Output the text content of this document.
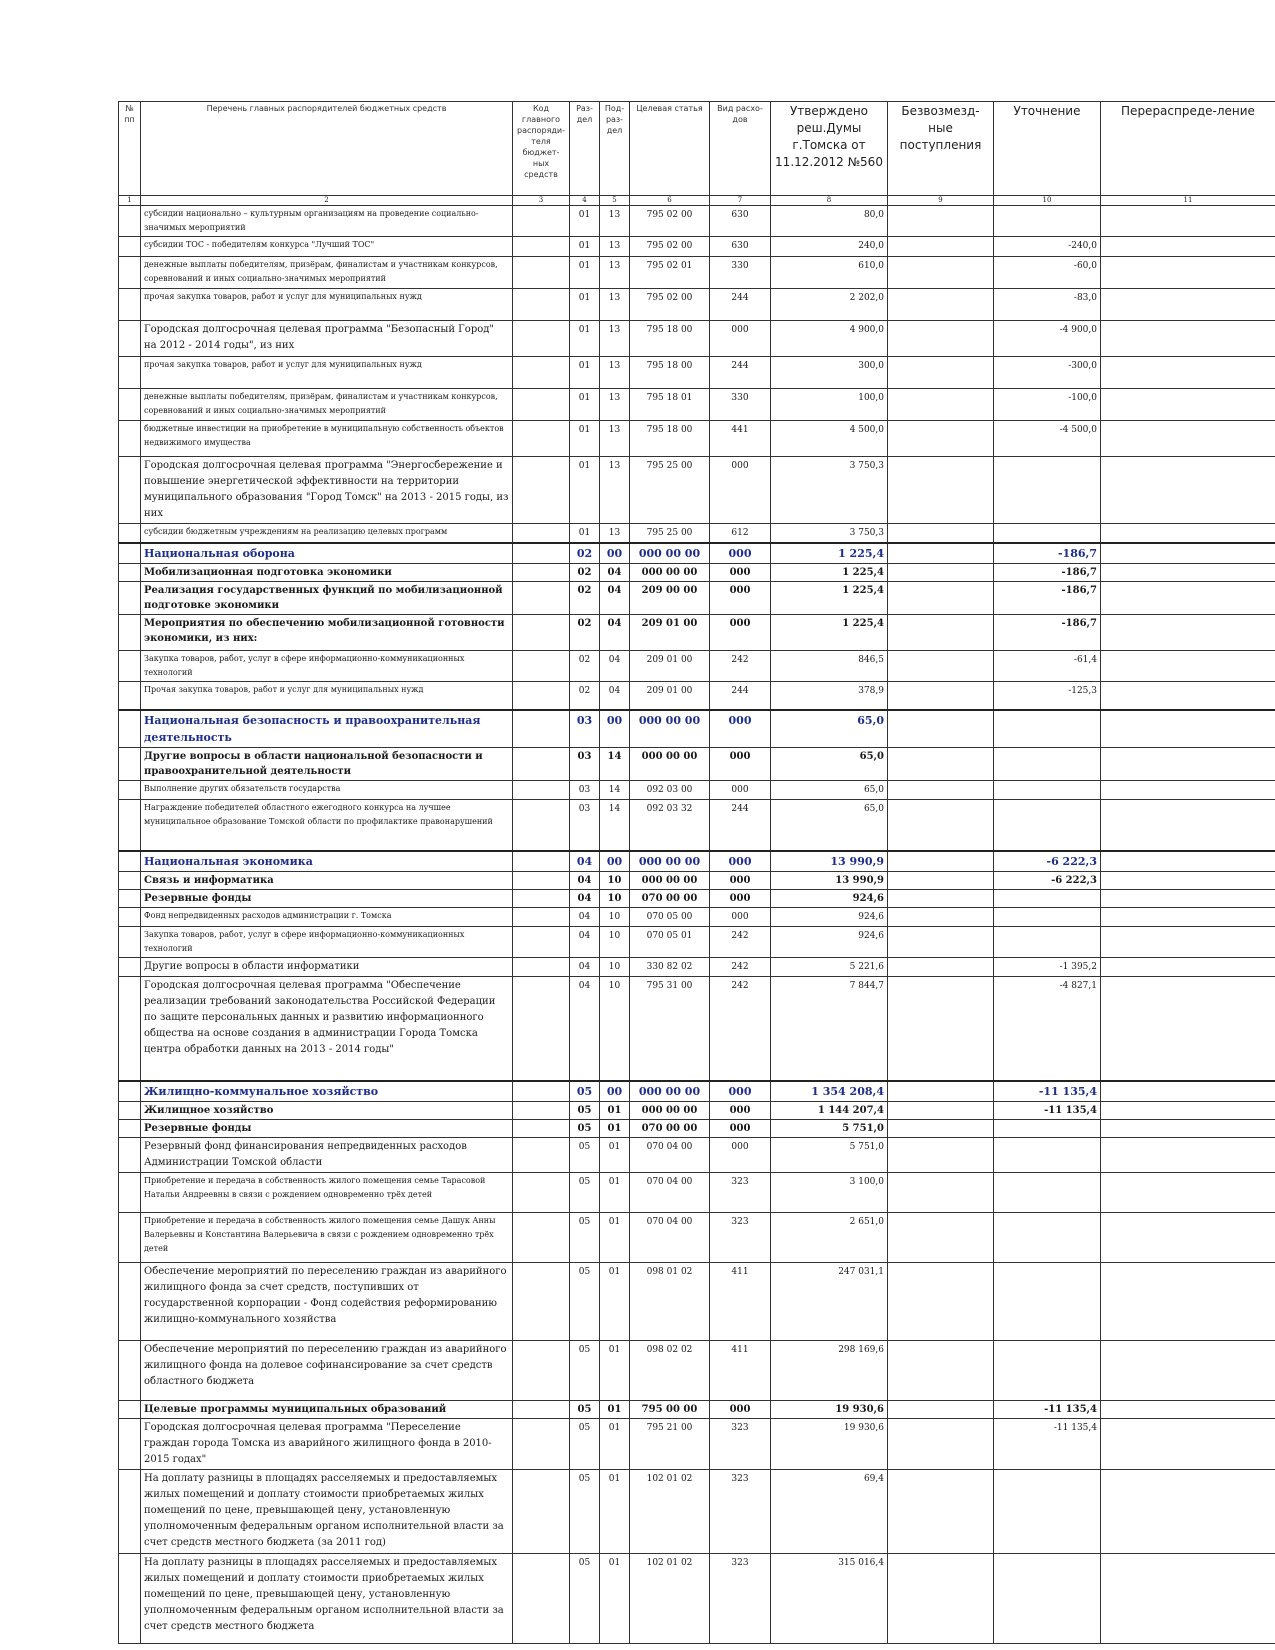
№ пп	Перечень главных распорядителей бюджетных средств	Код главного распоряди-теля бюджет-ных средств	Раз-дел	Под-раз-дел	Целевая статья	Вид расхо-дов	Утверждено реш.Думы г.Томска от 11.12.2012 №560	Безвозмезд-ные поступления	Уточнение	Перераспреде-ление
1	2	3	4	5	6	7	8	9	10	11
	субсидии национально – культурным организациям на проведение социально-значимых мероприятий		01	13	795 02 00	630	80,0			
	субсидии ТОС - победителям конкурса "Лучший ТОС"		01	13	795 02 00	630	240,0		-240,0	
	денежные выплаты победителям, призёрам, финалистам и участникам конкурсов, соревнований и иных социально-значимых мероприятий		01	13	795 02 01	330	610,0		-60,0	
	прочая закупка товаров, работ и услуг для муниципальных нужд		01	13	795 02 00	244	2 202,0		-83,0	
	Городская долгосрочная целевая программа "Безопасный Город" на 2012 - 2014 годы", из них		01	13	795 18 00	000	4 900,0		-4 900,0	
	прочая закупка товаров, работ и услуг для муниципальных нужд		01	13	795 18 00	244	300,0		-300,0	
	денежные выплаты победителям, призёрам, финалистам и участникам конкурсов, соревнований и иных социально-значимых мероприятий		01	13	795 18 01	330	100,0		-100,0	
	бюджетные инвестиции на приобретение в муниципальную собственность объектов недвижимого имущества		01	13	795 18 00	441	4 500,0		-4 500,0	
	Городская долгосрочная целевая программа "Энергосбережение и повышение энергетической эффективности на территории муниципального образования "Город Томск" на 2013 - 2015 годы, из них		01	13	795 25 00	000	3 750,3			
	субсидии бюджетным учреждениям на реализацию целевых программ		01	13	795 25 00	612	3 750,3			
	Национальная оборона		02	00	000 00 00	000	1 225,4		-186,7	
	Мобилизационная подготовка экономики		02	04	000 00 00	000	1 225,4		-186,7	
	Реализация государственных функций по мобилизационной подготовке экономики		02	04	209 00 00	000	1 225,4		-186,7	
	Мероприятия по обеспечению мобилизационной готовности экономики, из них:		02	04	209 01 00	000	1 225,4		-186,7	
	Закупка товаров, работ, услуг в сфере информационно-коммуникационных технологий		02	04	209 01 00	242	846,5		-61,4	
	Прочая закупка товаров, работ и услуг для муниципальных нужд		02	04	209 01 00	244	378,9		-125,3	
	Национальная безопасность и правоохранительная деятельность		03	00	000 00 00	000	65,0			
	Другие вопросы в области национальной безопасности и правоохранительной деятельности		03	14	000 00 00	000	65,0			
	Выполнение других обязательств государства		03	14	092 03 00	000	65,0			
	Награждение победителей областного ежегодного конкурса на лучшее муниципальное образование Томской области по профилактике правонарушений		03	14	092 03 32	244	65,0			
	Национальная экономика		04	00	000 00 00	000	13 990,9		-6 222,3	
	Связь и информатика		04	10	000 00 00	000	13 990,9		-6 222,3	
	Резервные фонды		04	10	070 00 00	000	924,6			
	Фонд непредвиденных расходов администрации г. Томска		04	10	070 05 00	000	924,6			
	Закупка товаров, работ, услуг в сфере информационно-коммуникационных технологий		04	10	070 05 01	242	924,6			
	Другие вопросы в области информатики		04	10	330 82 02	242	5 221,6		-1 395,2	
	Городская долгосрочная целевая программа "Обеспечение реализации требований законодательства Российской Федерации по защите персональных данных и развитию информационного общества на основе создания в администрации Города Томска центра обработки данных на 2013 - 2014 годы"		04	10	795 31 00	242	7 844,7		-4 827,1	
	Жилищно-коммунальное хозяйство		05	00	000 00 00	000	1 354 208,4		-11 135,4	
	Жилищное хозяйство		05	01	000 00 00	000	1 144 207,4		-11 135,4	
	Резервные фонды		05	01	070 00 00	000	5 751,0			
	Резервный фонд финансирования непредвиденных расходов Администрации Томской области		05	01	070 04 00	000	5 751,0			
	Приобретение и передача в собственность жилого помещения семье Тарасовой Натальи Андреевны в связи с рождением одновременно трёх детей		05	01	070 04 00	323	3 100,0			
	Приобретение и передача в собственность жилого помещения семье Дашук Анны Валерьевны и Константина Валерьевича в связи с рождением одновременно трёх детей		05	01	070 04 00	323	2 651,0			
	Обеспечение мероприятий по переселению граждан из аварийного жилищного фонда за счет средств, поступивших от государственной корпорации - Фонд содействия реформированию жилищно-коммунального хозяйства		05	01	098 01 02	411	247 031,1			
	Обеспечение мероприятий по переселению граждан из аварийного жилищного фонда на долевое софинансирование за счет средств областного бюджета		05	01	098 02 02	411	298 169,6			
	Целевые программы муниципальных образований		05	01	795 00 00	000	19 930,6		-11 135,4	
	Городская долгосрочная целевая программа "Переселение граждан города Томска из аварийного жилищного фонда в 2010-2015 годах"		05	01	795 21 00	323	19 930,6		-11 135,4	
	На доплату разницы в площадях расселяемых и предоставляемых жилых помещений и доплату стоимости приобретаемых жилых помещений по цене, превышающей цену, установленную уполномоченным федеральным органом исполнительной власти за счет средств местного бюджета (за 2011 год)		05	01	102 01 02	323	69,4			
	На доплату разницы в площадях расселяемых и предоставляемых жилых помещений и доплату стоимости приобретаемых жилых помещений по цене, превышающей цену, установленную уполномоченным федеральным органом исполнительной власти за счет средств местного бюджета		05	01	102 01 02	323	315 016,4			
